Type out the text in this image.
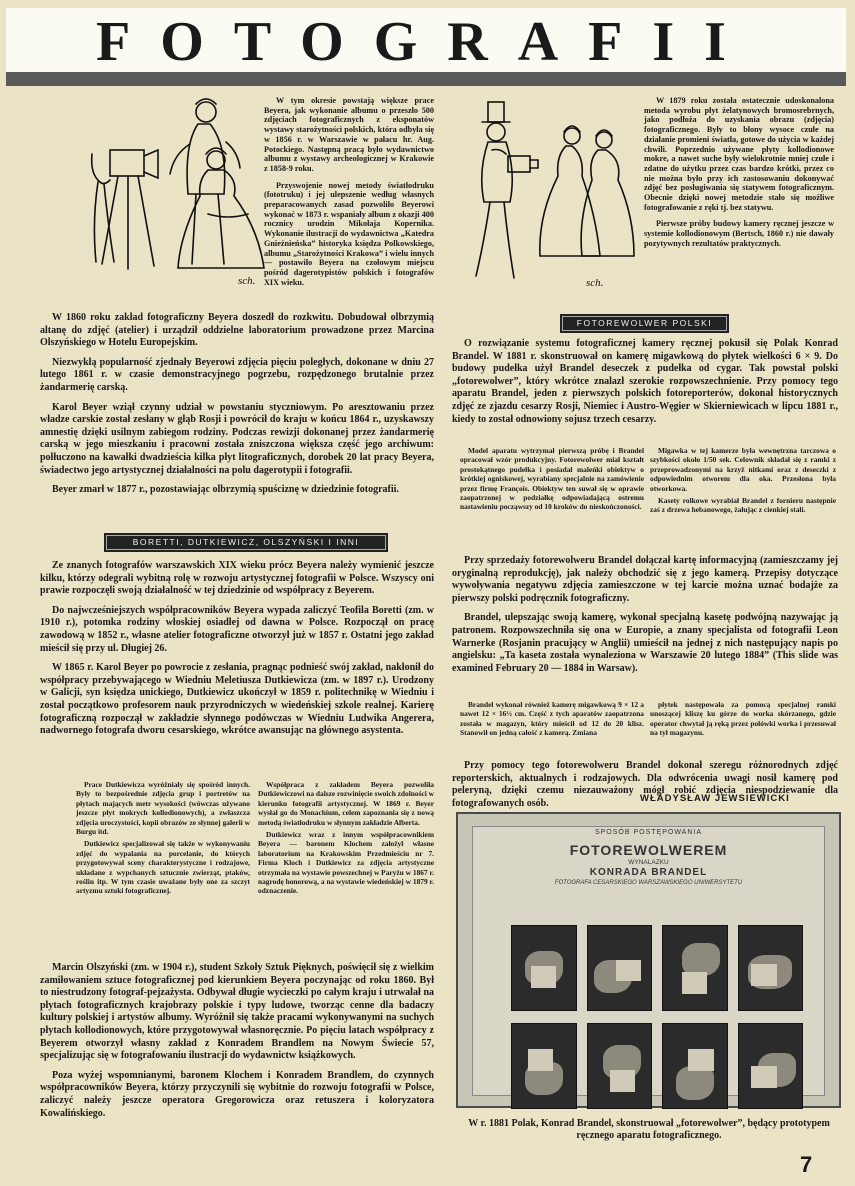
FOTOGRAFII
sch.	sch.

W tym okresie powstają większe prace Beyera, jak wykonanie albumu o przeszło 500 zdjęciach fotograficznych z eksponatów wystawy starożytności polskich, która odbyła się w 1856 r. w Warszawie w pałacu hr. Aug. Potockiego. Następną pracą było wydawnictwo albumu z wystawy archeologicznej w Krakowie z 1858-9 roku.

Przyswojenie nowej metody światłodruku (fototruku) i jej ulepszenie według własnych preparacowanych zasad pozwoliło Beyerowi wykonać w 1873 r. wspaniały album z okazji 400 rocznicy urodzin Mikołaja Kopernika. Wykonanie ilustracji do wydawnictwa „Katedra Gnieźnieńska” historyka księdza Polkowskiego, albumu „Starożytności Krakowa” i wielu innych — postawiło Beyera na czołowym miejscu pośród dagerotypistów polskich i fotografów XIX wieku.

W 1879 roku została ostatecznie udoskonalona metoda wyrobu płyt żelatynowych bromosrebrnych, jako podłoża do uzyskania obrazu (zdjęcia) fotograficznego. Były to błony wysoce czułe na działanie promieni światła, gotowe do użycia w każdej chwili. Poprzednio używane płyty kollodionowe mokre, a nawet suche były wielokrotnie mniej czułe i zdatne do użytku przez czas bardzo krótki, przez co nie można było przy ich zastosowaniu dokonywać zdjęć bez posługiwania się statywem fotograficznym. Obecnie dzięki nowej metodzie stało się możliwe fotografowanie z ręki tj. bez statywu.

Pierwsze próby budowy kamery ręcznej jeszcze w systemie kollodionowym (Bertsch, 1860 r.) nie dawały pozytywnych rezultatów praktycznych.

W 1860 roku zakład fotograficzny Beyera doszedł do rozkwitu. Dobudował olbrzymią altanę do zdjęć (atelier) i urządził oddzielne laboratorium prowadzone przez Marcina Olszyńskiego w Hotelu Europejskim.

Niezwykłą popularność zjednały Beyerowi zdjęcia pięciu poległych, dokonane w dniu 27 lutego 1861 r. w czasie demonstracyjnego pogrzebu, rozpędzonego brutalnie przez żandarmerię carską.

Karol Beyer wziął czynny udział w powstaniu styczniowym. Po aresztowaniu przez władze carskie został zesłany w głąb Rosji i powrócił do kraju w końcu 1864 r., uzyskawszy amnestię dzięki usilnym zabiegom rodziny. Podczas rewizji dokonanej przez żandarmerię carską w jego mieszkaniu i pracowni została zniszczona większa część jego archiwum: połłuczono na kawałki dwadzieścia kilka płyt litograficznych, dorobek 20 lat pracy Beyera, świadectwo jego artystycznej działalności na polu dagerotypii i fotografii.

Beyer zmarł w 1877 r., pozostawiając olbrzymią spuściznę w dziedzinie fotografii.

BORETTI, DUTKIEWICZ, OLSZYŃSKI I INNI

Ze znanych fotografów warszawskich XIX wieku prócz Beyera należy wymienić jeszcze kilku, którzy odegrali wybitną rolę w rozwoju artystycznej fotografii w Polsce. Wszyscy oni prawie rozpoczęli swoją działalność w tej dziedzinie od współpracy z Beyerem.

Do najwcześniejszych współpracowników Beyera wypada zaliczyć Teofila Boretti (zm. w 1910 r.), potomka rodziny włoskiej osiadłej od dawna w Polsce. Rozpoczął on pracę zawodową w 1852 r., własne atelier fotograficzne otworzył już w 1857 r. Ostatni jego zakład mieścił się przy ul. Długiej 26.

W 1865 r. Karol Beyer po powrocie z zesłania, pragnąc podnieść swój zakład, nakłonił do współpracy przebywającego w Wiedniu Meletiusza Dutkiewicza (zm. w 1897 r.). Urodzony w Galicji, syn księdza unickiego, Dutkiewicz ukończył w 1859 r. politechnikę w Wiedniu i został początkowo profesorem nauk przyrodniczych w wiedeńskiej szkole realnej. Karierę fotograficzną rozpoczął w zakładzie słynnego podówczas w Wiedniu Ludwika Angerera, nadwornego fotografa dworu cesarskiego, wkrótce awansując na głównego asystenta.

Prace Dutkiewicza wyróżniały się spośród innych. Były to bezpośrednie zdjęcia grup i portretów na płytach mających metr wysokości (wówczas używano jeszcze płyt mokrych kollodionowych), a zwłaszcza zdjęcia uroczystości, kopii obrazów ze słynnej galerii w Burgu itd.

Dutkiewicz specjalizował się także w wykonywaniu zdjęć do wypalania na porcelanie, do których przygotowywał sceny charakterystyczne i rodzajowe, układane z wypchanych sztucznie zwierząt, ptaków, roślin itp. W tym czasie uważane były one za szczyt artyzmu sztuki fotograficznej.

Współpraca z zakładem Beyera pozwoliła Dutkiewiczowi na dalsze rozwinięcie swoich zdolności w kierunku fotografii artystycznej. W 1869 r. Beyer wysłał go do Monachium, celem zapoznania się z nową metodą światłodruku w słynnym zakładzie Alberta.

Dutkiewicz wraz z innym współpracownikiem Beyera — baronem Klochem założył własne laboratorium na Krakowskim Przedmieściu nr 7. Firma Kloch i Dutkiewicz za zdjęcia artystyczne otrzymała na wystawie powszechnej w Paryżu w 1867 r. nagrodę honorową, a na wystawie wiedeńskiej w 1879 r. odznaczenie.

Marcin Olszyński (zm. w 1904 r.), student Szkoły Sztuk Pięknych, poświęcił się z wielkim zamiłowaniem sztuce fotograficznej pod kierunkiem Beyera poczynając od roku 1860. Był to niestrudzony fotograf-pejzażysta. Odbywał długie wycieczki po całym kraju i utrwalał na płytach fotograficznych krajobrazy polskie i typy ludowe, tworząc cenne dla badaczy kultury polskiej i artystów albumy. Wyróżnił się także pracami wykonywanymi na suchych płytach kollodionowych, które przygotowywał własnoręcznie. Po pięciu latach współpracy z Beyerem otworzył własny zakład z Konradem Brandlem na Nowym Świecie 57, specjalizując się w fotografowaniu ilustracji do wydawnictw książkowych.

Poza wyżej wspomnianymi, baronem Klochem i Konradem Brandlem, do czynnych współpracowników Beyera, którzy przyczynili się wybitnie do rozwoju fotografii w Polsce, zaliczyć należy jeszcze operatora Gregorowicza oraz retuszera i koloryzatora Kowalińskiego.

FOTOREWOLWER POLSKI

O rozwiązanie systemu fotograficznej kamery ręcznej pokusił się Polak Konrad Brandel. W 1881 r. skonstruował on kamerę migawkową do płytek wielkości 6 × 9. Do budowy pudełka użył Brandel deseczek z pudełka od cygar. Tak powstał polski „fotorewolwer”, który wkrótce znalazł szerokie rozpowszechnienie. Przy pomocy tego aparatu Brandel, jeden z pierwszych polskich fotoreporterów, dokonał historycznych zdjęć ze zjazdu cesarzy Rosji, Niemiec i Austro-Węgier w Skierniewicach w lipcu 1881 r., kiedy to został odnowiony sojusz trzech cesarzy.

Model aparatu wytrzymał pierwszą próbę i Brandel opracował wzór produkcyjny. Fotorewolwer miał kształt prostokątnego pudełka i posiadał maleńki obiektyw o krótkiej ogniskowej, wyrabiany specjalnie na zamówienie przez firmę François. Obiektyw ten suwał się w oprawie zaopatrzonej w podziałkę odpowiadającą ostremu nastawieniu począwszy od 10 kroków do nieskończoności.

Migawka w tej kamerze była wewnętrzna tarczowa o szybkości około 1/50 sek. Celownik składał się z ramki z przeprowadzonymi na krzyż nitkami oraz z deseczki z odpowiednim otworem dla oka. Przesłona była otworkowa.

Kasety rolkowe wyrabiał Brandel z fornieru następnie zaś z drzewa hebanowego, żałując z cienkiej stali.

Przy sprzedaży fotorewolweru Brandel dołączał kartę informacyjną (zamieszczamy jej oryginalną reprodukcję), jak należy obchodzić się z jego kamerą. Przepisy dotyczące wywoływania negatywu zdjęcia zamieszczone w tej karcie można uznać bodajże za pierwszy polski podręcznik fotograficzny.

Brandel, ulepszając swoją kamerę, wykonał specjalną kasetę podwójną nazywając ją patronem. Rozpowszechniła się ona w Europie, a znany specjalista od fotografii Leon Warnerke (Rosjanin pracujący w Anglii) umieścił na jednej z nich następujący napis po angielsku: „Ta kaseta została wynaleziona w Warszawie 20 lutego 1884” (This slide was examined February 20 — 1884 in Warsaw).

Brandel wykonał również kamerę migawkową 9 × 12 a nawet 12 × 16½ cm. Część z tych aparatów zaopatrzona została w magazyn, który mieścił od 12 do 20 klisz. Stanowił on jedną całość z kamerą. Zmiana

płytek następowała za pomocą specjalnej ramki unoszącej kliszę ku górze do worka skórzanego, gdzie operator chwytał ją ręką przez połówki worka i przesuwał na tył magazynu.

Przy pomocy tego fotorewolweru Brandel dokonał szeregu różnorodnych zdjęć reporterskich, aktualnych i rodzajowych. Dla odwrócenia uwagi nosił kamerę pod peleryną, dzięki czemu niezauważony mógł robić zdjęcia niespodziewanie dla fotografowanych osób.	WŁADYSŁAW JEWSIEWICKI
SPOSÓB POSTĘPOWANIA
FOTOREWOLWEREM
WYNALAZKU
KONRADA BRANDEL
FOTOGRAFA CESARSKIEGO WARSZAWSKIEGO UNIWERSYTETU
W r. 1881 Polak, Konrad Brandel, skonstruował „fotorewolwer”, będący prototypem ręcznego aparatu fotograficznego.
7
